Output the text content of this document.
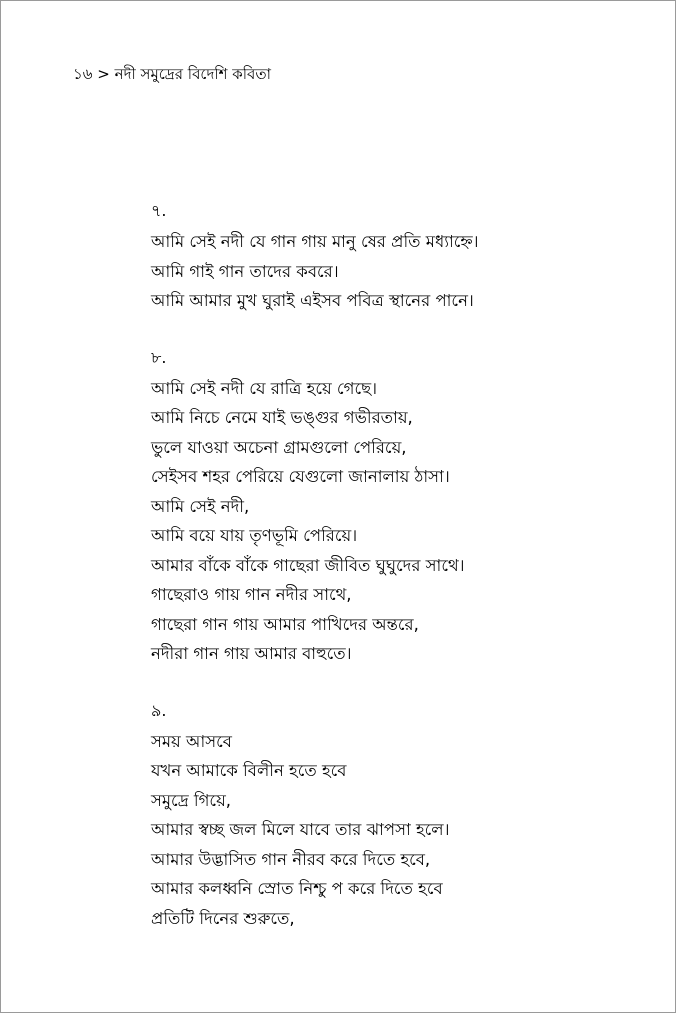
১৬ > নদী সমুদ্রের বিদেশি কবিতা
৭.
আমি সেই নদী যে গান গায় মানু ষের প্রতি মধ্যাহ্নে।
আমি গাই গান তাদের কবরে।
আমি আমার মুখ ঘুরাই এইসব পবিত্র স্থানের পানে।
৮.
আমি সেই নদী যে রাত্রি হয়ে গেছে।
আমি নিচে নেমে যাই ভঙ্গুর গভীরতায়,
ভুলে যাওয়া অচেনা গ্রামগুলো পেরিয়ে,
সেইসব শহর পেরিয়ে যেগুলো জানালায় ঠাসা।
আমি সেই নদী,
আমি বয়ে যায় তৃণভূমি পেরিয়ে।
আমার বাঁকে বাঁকে গাছেরা জীবিত ঘুঘুদের সাথে।
গাছেরাও গায় গান নদীর সাথে,
গাছেরা গান গায় আমার পাখিদের অন্তরে,
নদীরা গান গায় আমার বাহুতে।
৯.
সময় আসবে
যখন আমাকে বিলীন হতে হবে
সমুদ্রে গিয়ে,
আমার স্বচ্ছ জল মিলে যাবে তার ঝাপসা হলে।
আমার উদ্ভাসিত গান নীরব করে দিতে হবে,
আমার কলধ্বনি স্রোত নিশ্চু প করে দিতে হবে
প্রতিটি দিনের শুরুতে,
